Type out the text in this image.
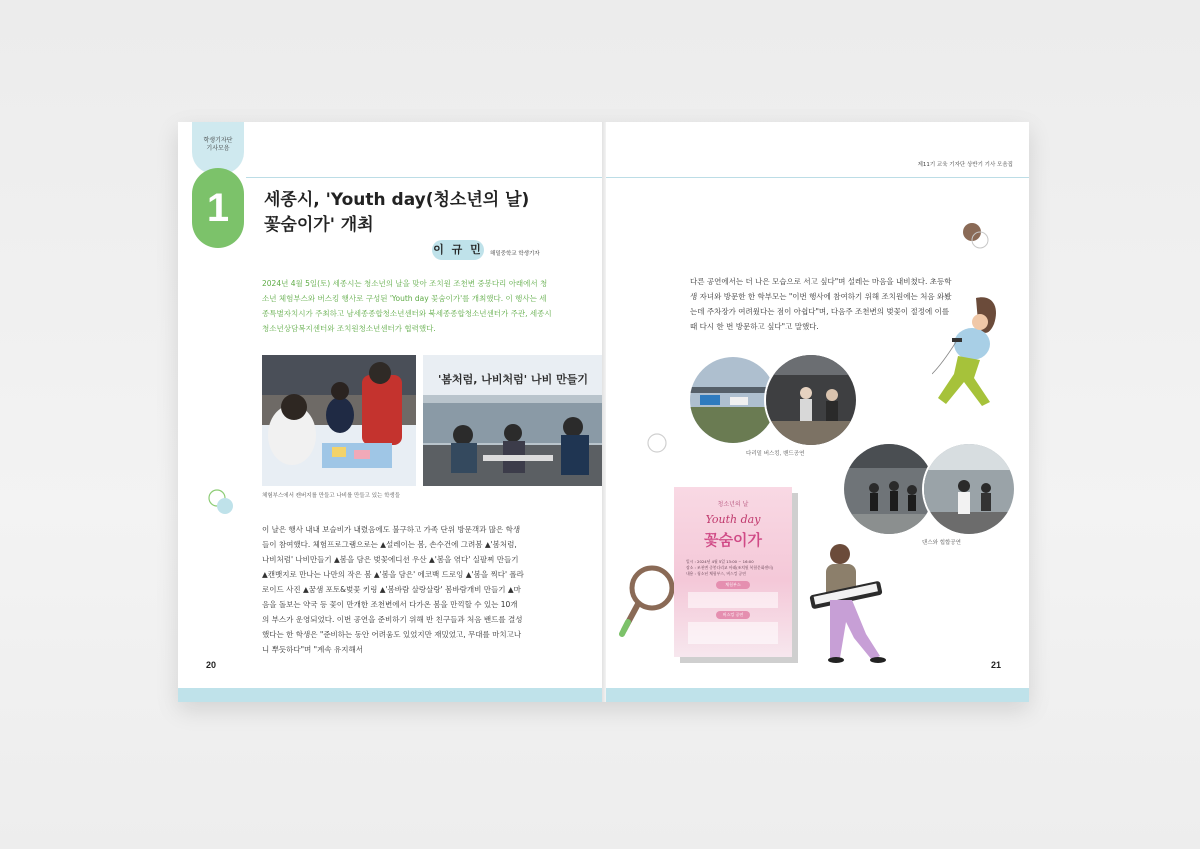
학생기자단
기사모음
1	세종시, 'Youth day(청소년의 날)
꽃숨이가' 개최
이 규 민 해밀중학교 학생기자
2024년 4월 5일(토) 세종시는 청소년의 날을 맞아 조치원 조천변 중봉다리 아래에서 청소년 체험부스와 버스킹 행사로 구성된 'Youth day 꽃숨이가'를 개최했다. 이 행사는 세종특별자치시가 주최하고 남세종종합청소년센터와 북세종종합청소년센터가 주관, 세종시청소년상담복지센터와 조치원청소년센터가 협력했다.
'봄처럼, 나비처럼' 나비 만들기
체험부스에서 캔버지를 만들고 나비를 만들고 있는 학생들
이 날은 행사 내내 보슬비가 내렸음에도 불구하고 가족 단위 방문객과 많은 학생들이 참여했다. 체험프로그램으로는 ▲설레이는 봄, 손수건에 그려봄 ▲'봄처럼, 나비처럼' 나비만들기 ▲봄을 담은 벚꽃에디션 우산 ▲'봄을 엮다' 실팔찌 만들기 ▲캔뱃지로 만나는 나만의 작은 봄 ▲'봄을 담은' 에코백 드로잉 ▲'봄을 찍다' 폴라로이드 사진 ▲꿈샘 포토&벚꽃 키링 ▲'봄바람 살랑살랑' 봄바람개비 만들기 ▲마음을 돌보는 약국 등 꽃이 만개한 조천변에서 다가온 봄을 만끽할 수 있는 10개의 부스가 운영되었다. 이번 공연을 준비하기 위해 반 친구들과 처음 밴드를 결성했다는 한 학생은 "준비하는 동안 어려움도 있었지만 재밌었고, 무대를 마치고나니 뿌듯하다"며 "계속 유지해서
20
제11기 교육 기자단 상반기 기사 모음집
다른 공연에서는 더 나은 모습으로 서고 싶다"며 설레는 마음을 내비쳤다. 초등학생 자녀와 방문한 한 학부모는 "이번 행사에 참여하기 위해 조치원에는 처음 와봤는데 주차장가 여려웠다는 점이 아쉽다"며, 다음주 조천변의 벚꽃이 절정에 이를 때 다시 한 번 방문하고 싶다"고 말했다.
다리밑 버스킹, 밴드공연
댄스와 힙합공연
청소년의 날
Youth day
꽃숨이가
일시 : 2024년 4월 5일 13:00 ~ 16:00
장소 : 조천변 중봉다리교 아래(조치원 복합문화센터)
내용 : 청소년 체험부스, 버스킹 공연
체험부스
버스킹 공연
21
